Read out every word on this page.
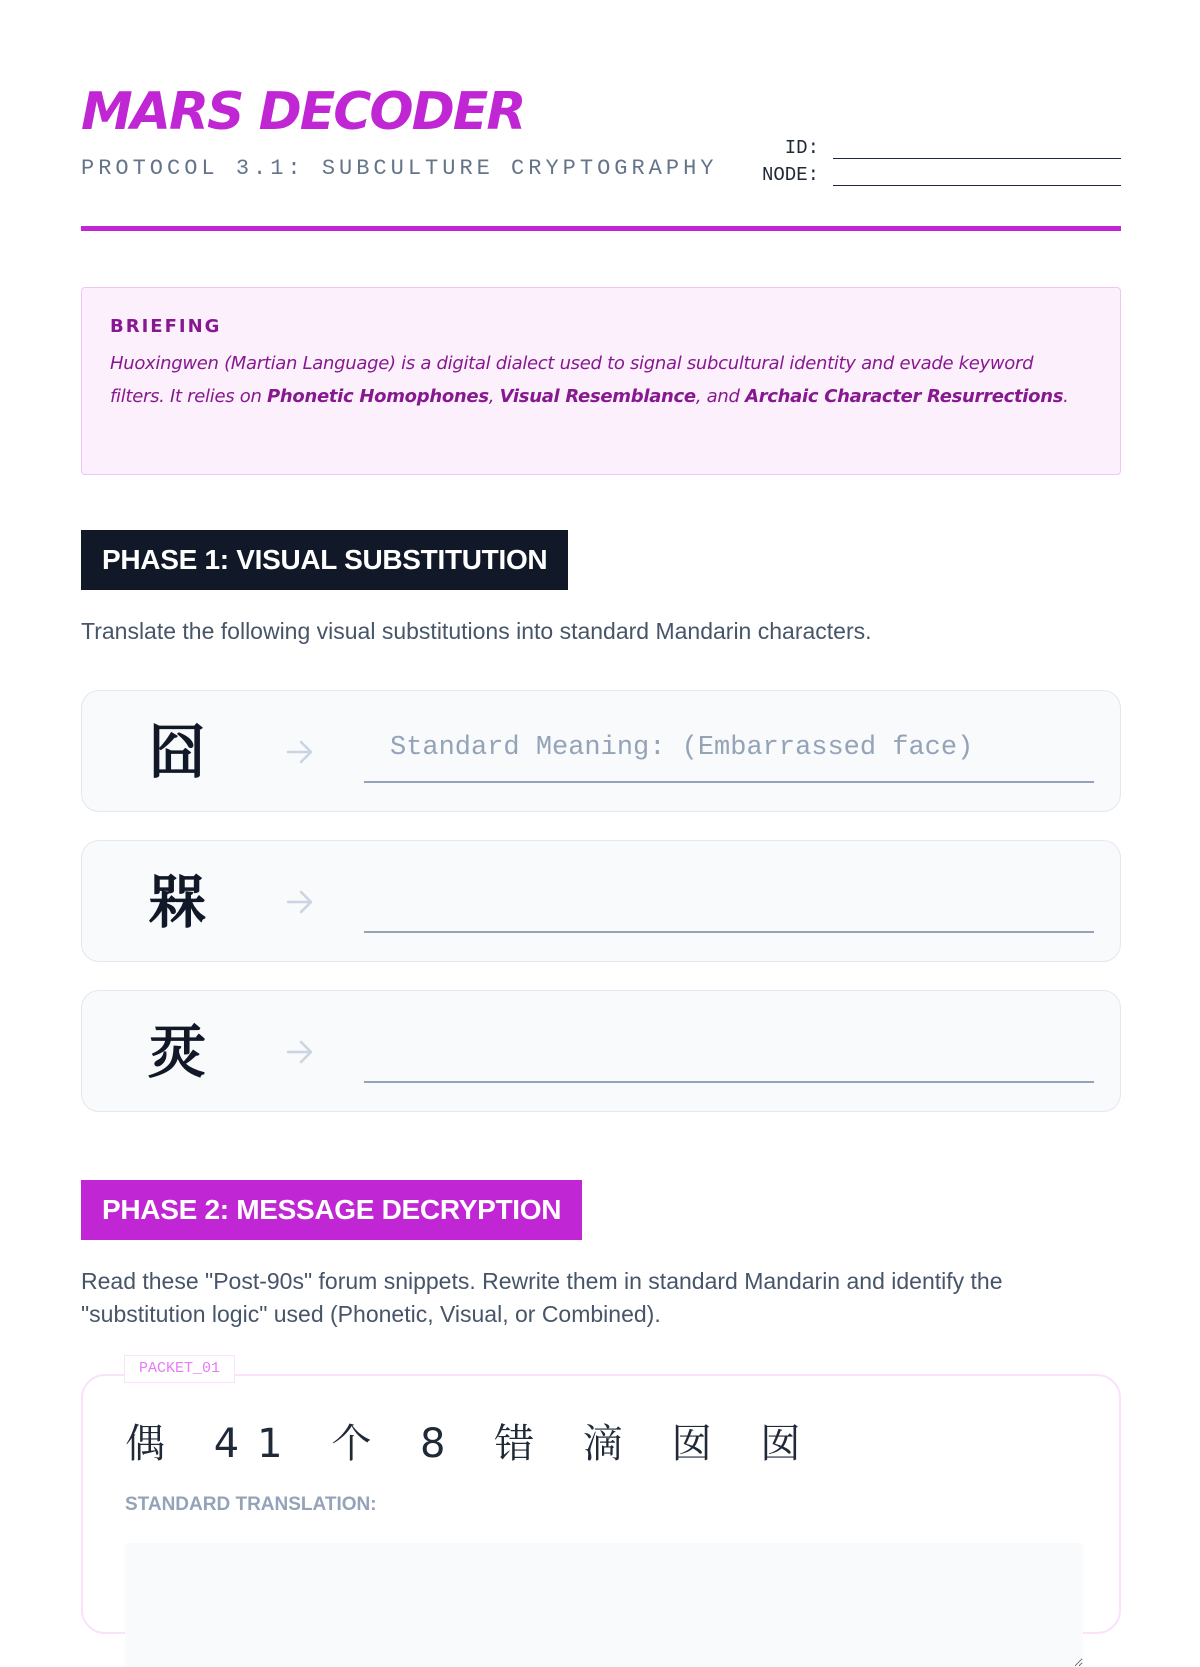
MARS DECODER
PROTOCOL 3.1: SUBCULTURE CRYPTOGRAPHY
ID:
NODE:
BRIEFING
Huoxingwen (Martian Language) is a digital dialect used to signal subcultural identity and evade keyword filters. It relies on Phonetic Homophones, Visual Resemblance, and Archaic Character Resurrections.
PHASE 1: VISUAL SUBSTITUTION
Translate the following visual substitutions into standard Mandarin characters.
囧
Standard Meaning: (Embarrassed face)
槑
烎
PHASE 2: MESSAGE DECRYPTION
Read these "Post-90s" forum snippets. Rewrite them in standard Mandarin and identify the "substitution logic" used (Phonetic, Visual, or Combined).
偶 41 个 8 错 滴 囡 囡
STANDARD TRANSLATION:
PACKET_01
